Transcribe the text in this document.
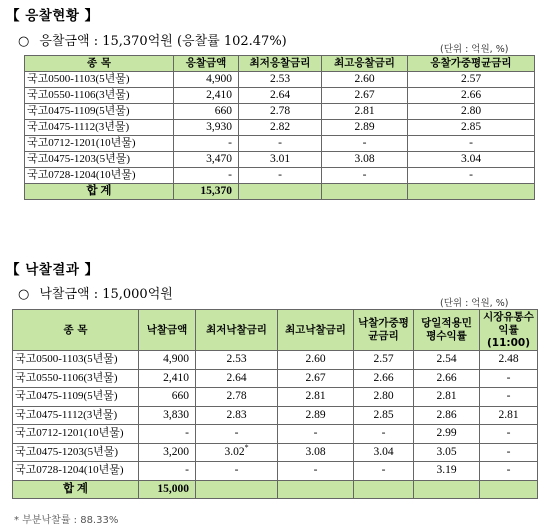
【 응찰현황 】
○ 응찰금액 : 15,370억원 (응찰률 102.47%)
(단위 : 억원, %)
종 목	응찰금액	최저응찰금리	최고응찰금리	응찰가중평균금리
국고0500-1103(5년물)	4,900	2.53	2.60	2.57
국고0550-1106(3년물)	2,410	2.64	2.67	2.66
국고0475-1109(5년물)	660	2.78	2.81	2.80
국고0475-1112(3년물)	3,930	2.82	2.89	2.85
국고0712-1201(10년물)	-	-	-	-
국고0475-1203(5년물)	3,470	3.01	3.08	3.04
국고0728-1204(10년물)	-	-	-	-
합 계	15,370			
【 낙찰결과 】
○ 낙찰금액 : 15,000억원
(단위 : 억원, %)
종 목	낙찰금액	최저낙찰금리	최고낙찰금리	낙찰가중평균금리	당일적용민평수익률	시장유통수익률(11:00)
국고0500-1103(5년물)	4,900	2.53	2.60	2.57	2.54	2.48
국고0550-1106(3년물)	2,410	2.64	2.67	2.66	2.66	-
국고0475-1109(5년물)	660	2.78	2.81	2.80	2.81	-
국고0475-1112(3년물)	3,830	2.83	2.89	2.85	2.86	2.81
국고0712-1201(10년물)	-	-	-	-	2.99	-
국고0475-1203(5년물)	3,200	3.02*	3.08	3.04	3.05	-
국고0728-1204(10년물)	-	-	-	-	3.19	-
합 계	15,000					
* 부분낙찰률 : 88.33%
